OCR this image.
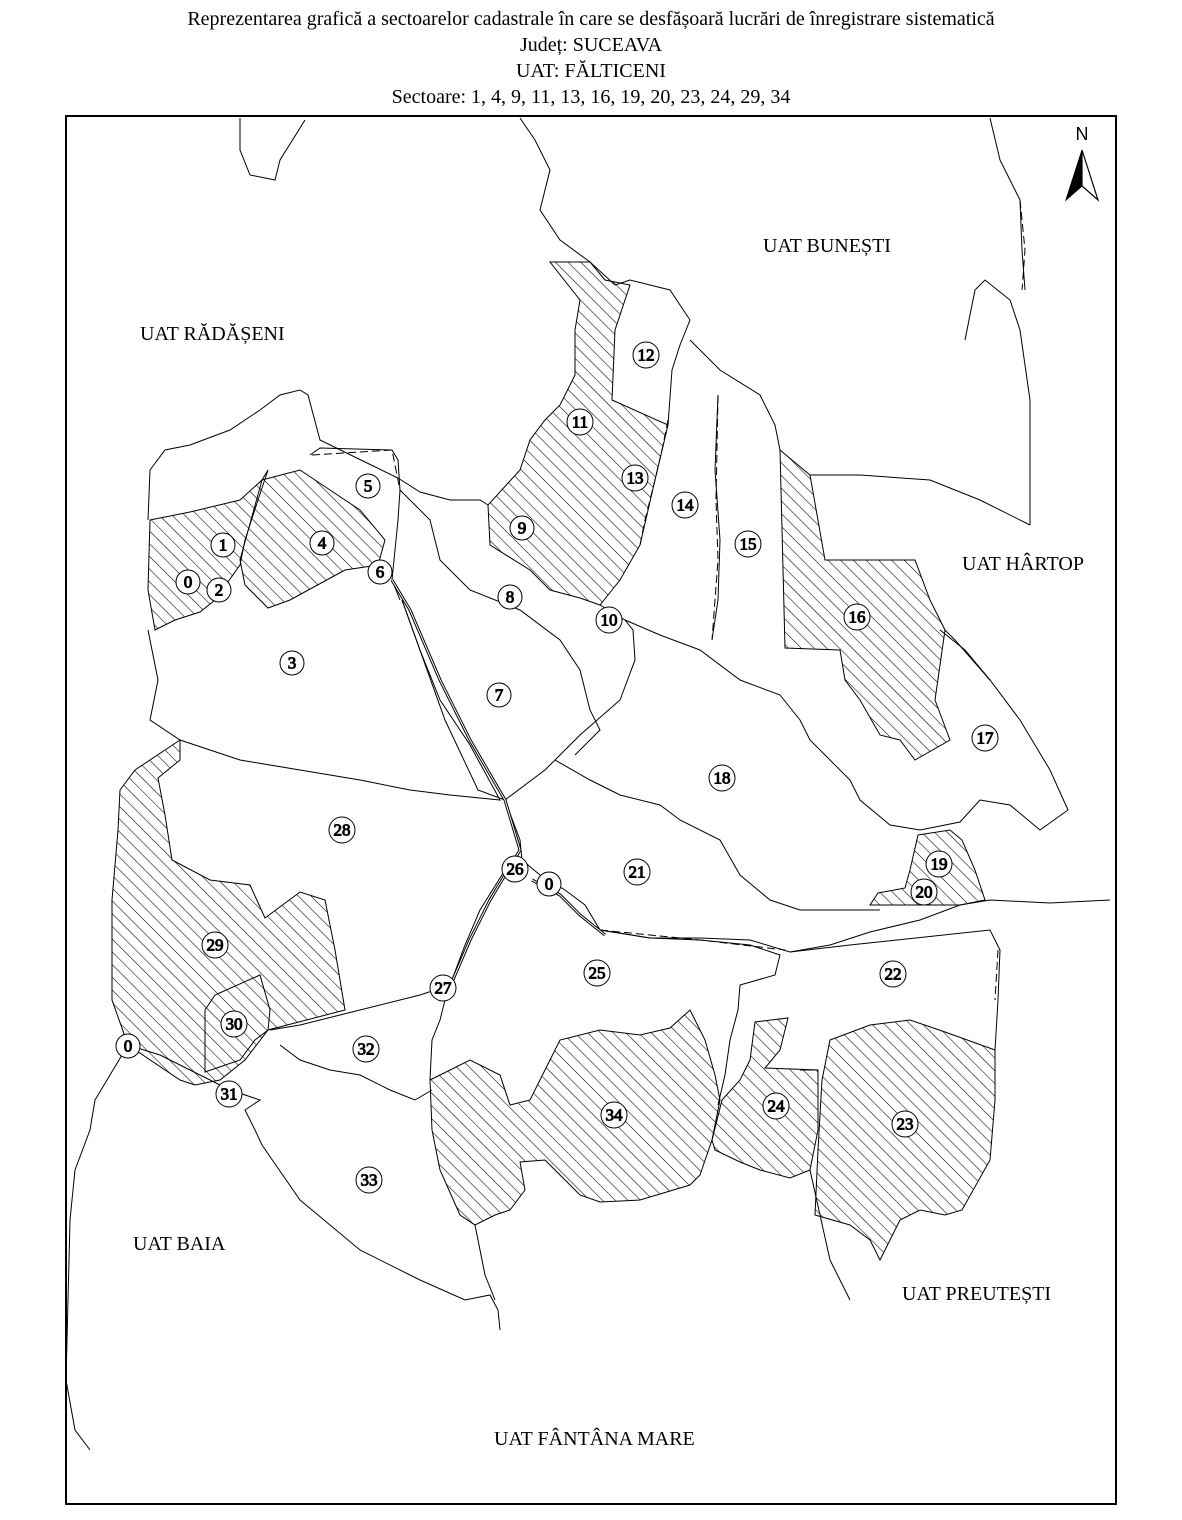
Reprezentarea grafică a sectoarelor cadastrale în care se desfășoară lucrări de înregistrare sistematică
Județ: SUCEAVA
UAT: FĂLTICENI
Sectoare: 1, 4, 9, 11, 13, 16, 19, 20, 23, 24, 29, 34
UAT RĂDĂȘENI
UAT BUNEȘTI
UAT HÂRTOP
UAT BAIA
UAT PREUTEȘTI
UAT FÂNTÂNA MARE
N
1
0 2
4
5
6
3
7
8
9
10
11
12
13
14
15
16
17
18
19
20
21
26
0
28
29
22
25
27
30
0	32
31
34	24
23
33
